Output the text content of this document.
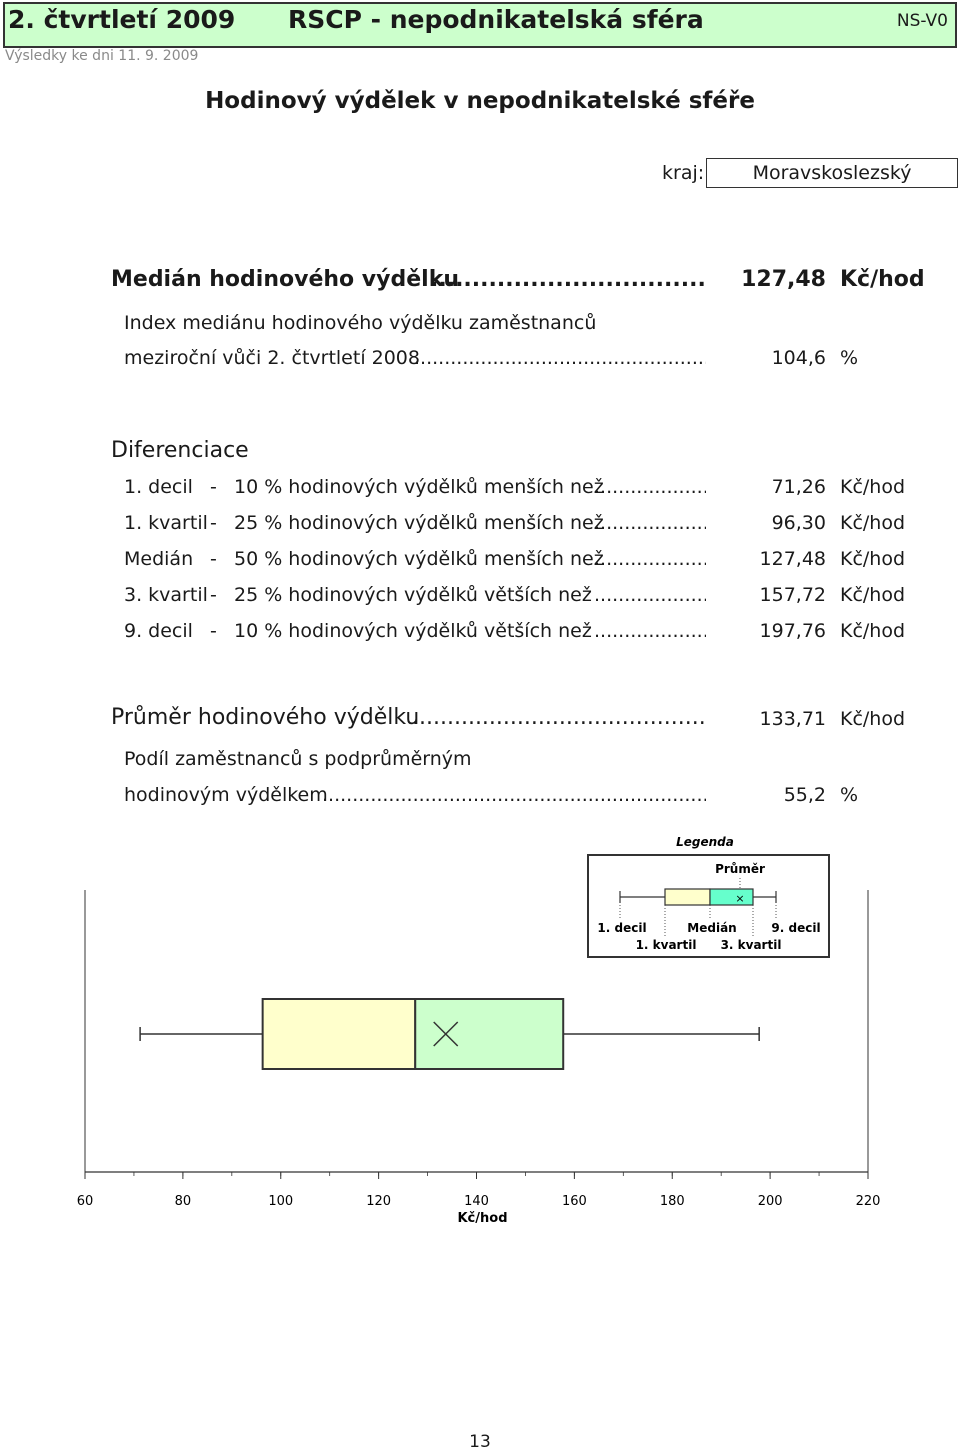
2. čtvrtletí 2009 RSCP - nepodnikatelská sféra	NS-V0
Výsledky ke dni 11. 9. 2009
Hodinový výdělek v nepodnikatelské sféře
kraj:	Moravskoslezský
Medián hodinového výdělku .....	127,48 Kč/hod
Index mediánu hodinového výdělku zaměstnanců
meziroční vůči 2. čtvrtletí 2008 .....	104,6 %
Diferenciace
1. decil - 10 % hodinových výdělků menších než .....	71,26 Kč/hod
1. kvartil - 25 % hodinových výdělků menších než .....	96,30 Kč/hod
Medián - 50 % hodinových výdělků menších než .....	127,48 Kč/hod
3. kvartil - 25 % hodinových výdělků větších než .....	157,72 Kč/hod
9. decil - 10 % hodinových výdělků větších než .....	197,76 Kč/hod
Průměr hodinového výdělku .....	133,71 Kč/hod
Podíl zaměstnanců s podprůměrným
hodinovým výdělkem .....	55,2 %
Legenda
Průměr
×
1. decil	Medián	9. decil
1. kvartil 3. kvartil
60	80	100	120	140	160	180	200	220
Kč/hod
13
